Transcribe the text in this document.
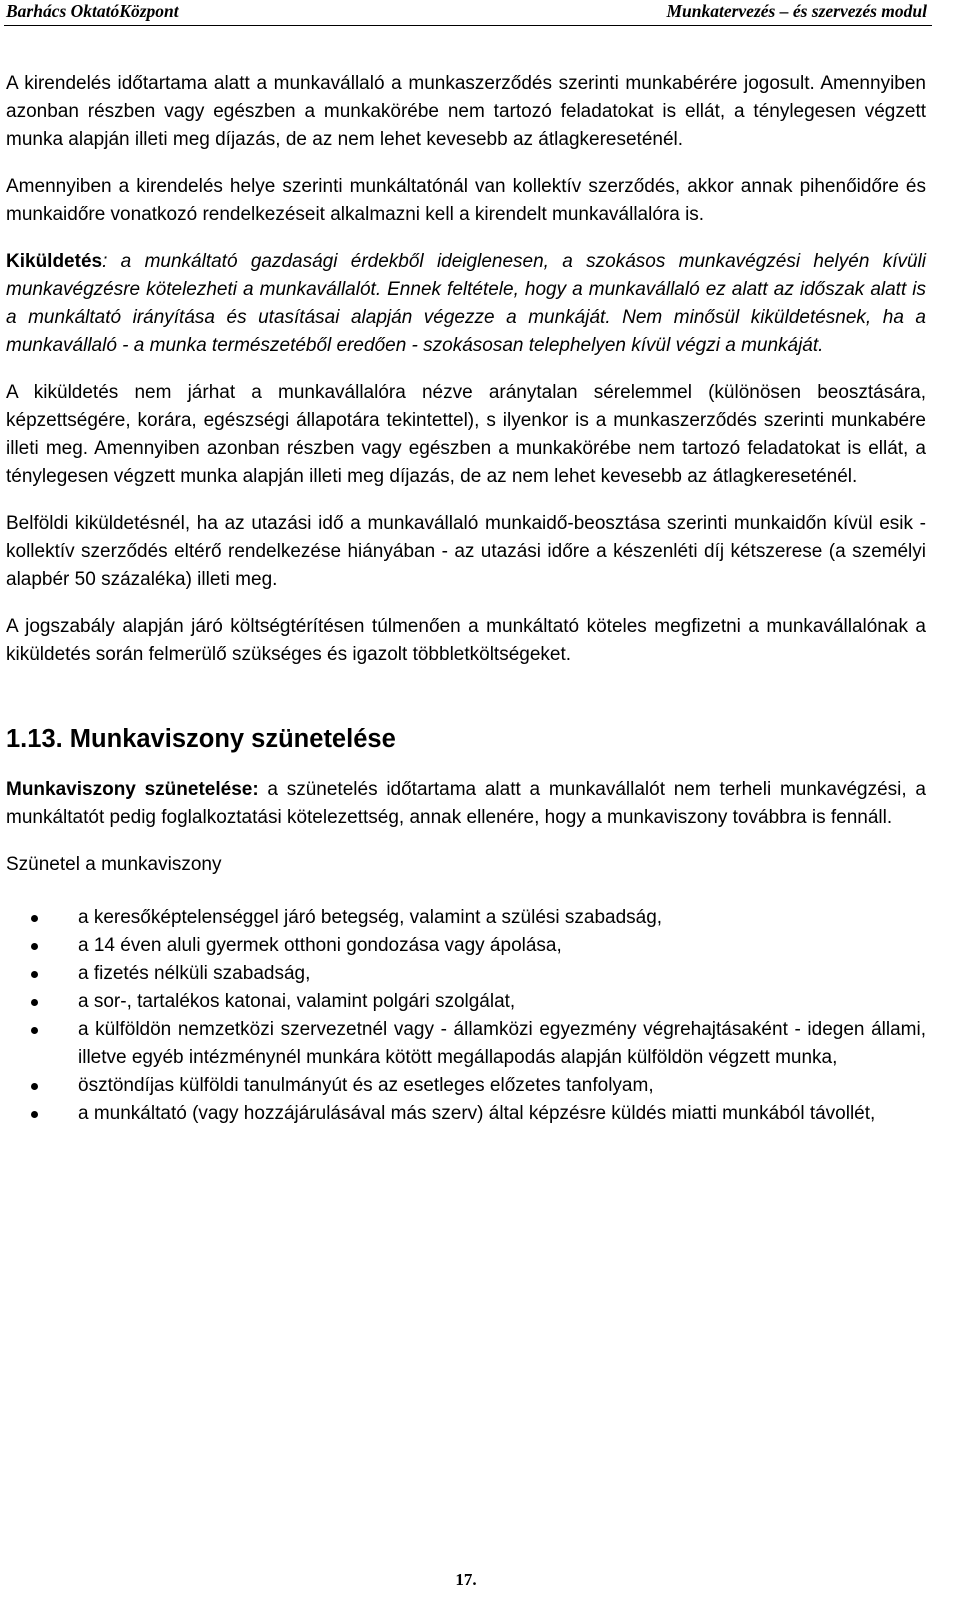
Barhács OktatóKözpont	Munkatervezés – és szervezés modul

A kirendelés időtartama alatt a munkavállaló a munkaszerződés szerinti munkabérére jogosult. Amennyiben azonban részben vagy egészben a munkakörébe nem tartozó feladatokat is ellát, a ténylegesen végzett munka alapján illeti meg díjazás, de az nem lehet kevesebb az átlagkereseténél.

Amennyiben a kirendelés helye szerinti munkáltatónál van kollektív szerződés, akkor annak pihenőidőre és munkaidőre vonatkozó rendelkezéseit alkalmazni kell a kirendelt munkavállalóra is.

Kiküldetés: a munkáltató gazdasági érdekből ideiglenesen, a szokásos munkavégzési helyén kívüli munkavégzésre kötelezheti a munkavállalót. Ennek feltétele, hogy a munkavállaló ez alatt az időszak alatt is a munkáltató irányítása és utasításai alapján végezze a munkáját. Nem minősül kiküldetésnek, ha a munkavállaló - a munka természetéből eredően - szokásosan telephelyen kívül végzi a munkáját.

A kiküldetés nem járhat a munkavállalóra nézve aránytalan sérelemmel (különösen beosztására, képzettségére, korára, egészségi állapotára tekintettel), s ilyenkor is a munkaszerződés szerinti munkabére illeti meg. Amennyiben azonban részben vagy egészben a munkakörébe nem tartozó feladatokat is ellát, a ténylegesen végzett munka alapján illeti meg díjazás, de az nem lehet kevesebb az átlagkereseténél.

Belföldi kiküldetésnél, ha az utazási idő a munkavállaló munkaidő-beosztása szerinti munkaidőn kívül esik - kollektív szerződés eltérő rendelkezése hiányában - az utazási időre a készenléti díj kétszerese (a személyi alapbér 50 százaléka) illeti meg.

A jogszabály alapján járó költségtérítésen túlmenően a munkáltató köteles megfizetni a munkavállalónak a kiküldetés során felmerülő szükséges és igazolt többletköltségeket.

1.13. Munkaviszony szünetelése

Munkaviszony szünetelése: a szünetelés időtartama alatt a munkavállalót nem terheli munkavégzési, a munkáltatót pedig foglalkoztatási kötelezettség, annak ellenére, hogy a munkaviszony továbbra is fennáll.

Szünetel a munkaviszony

a keresőképtelenséggel járó betegség, valamint a szülési szabadság,
a 14 éven aluli gyermek otthoni gondozása vagy ápolása,
a fizetés nélküli szabadság,
a sor-, tartalékos katonai, valamint polgári szolgálat,
a külföldön nemzetközi szervezetnél vagy - államközi egyezmény végrehajtásaként - idegen állami, illetve egyéb intézménynél munkára kötött megállapodás alapján külföldön végzett munka,
ösztöndíjas külföldi tanulmányút és az esetleges előzetes tanfolyam,
a munkáltató (vagy hozzájárulásával más szerv) által képzésre küldés miatti munkából távollét,
17.
